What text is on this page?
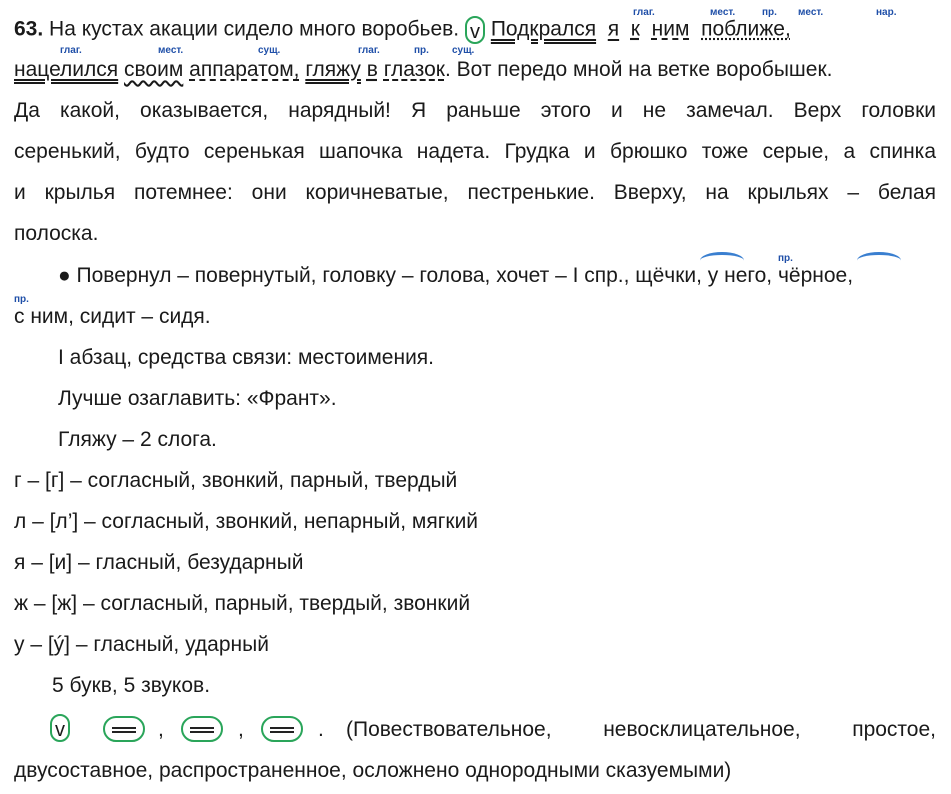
глаг.	мест.	пр. мест.	нар.
63. На кустах акации сидело много воробьев. v Подкрался я к ним поближе,
глаг.	мест.	сущ.	глаг.	пр. сущ.
нацелился своим аппаратом, гляжу в глазок. Вот передо мной на ветке воробышек.
Да какой, оказывается, нарядный! Я раньше этого и не замечал. Верх головки
серенький, будто серенькая шапочка надета. Грудка и брюшко тоже серые, а спинка
и крылья потемнее: они коричневатые, пестренькие. Вверху, на крыльях – белая
полоска.
пр.
пр.
● Повернул – повернутый, головку – голова, хочет – I спр., щёчки, у него, чёрное,
с ним, сидит – сидя.
I абзац, средства связи: местоимения.
Лучше озаглавить: «Франт».
Гляжу – 2 слога.
г – [г] – согласный, звонкий, парный, твердый
л – [л’] – согласный, звонкий, непарный, мягкий
я – [и] – гласный, безударный
ж – [ж] – согласный, парный, твердый, звонкий
у – [ý] – гласный, ударный
5 букв, 5 звуков.
v	,	,	. (Повествовательное, невосклицательное, простое,
двусоставное, распространенное, осложнено однородными сказуемыми)
